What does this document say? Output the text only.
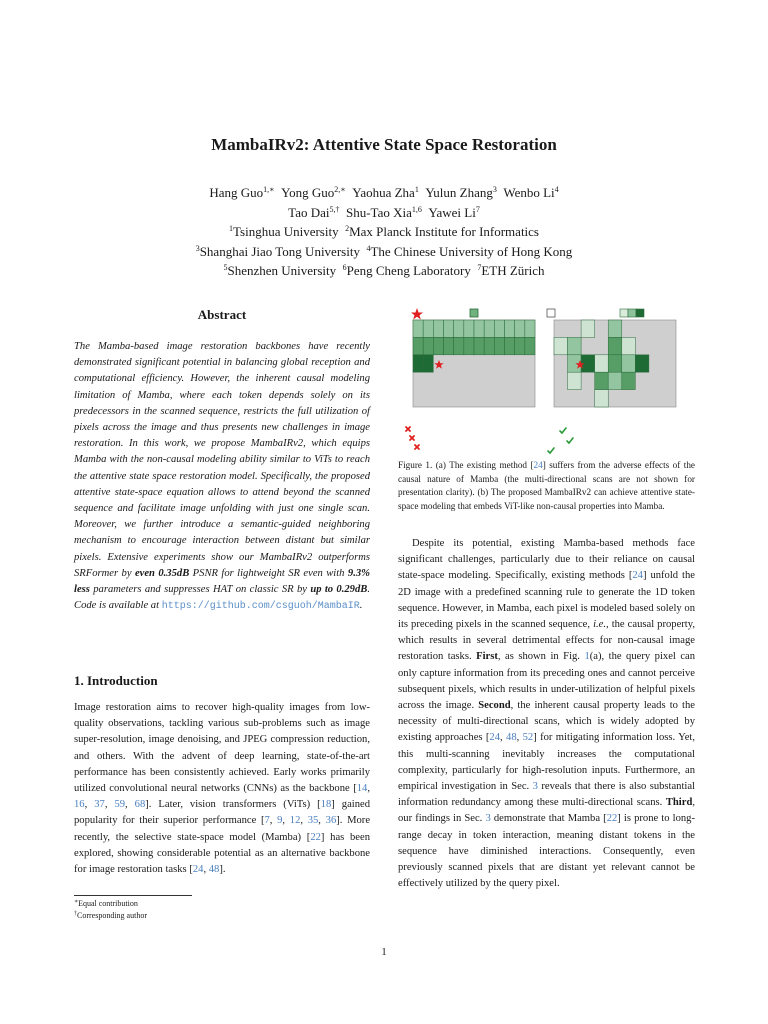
MambaIRv2: Attentive State Space Restoration
Hang Guo$^{1,∗}$ Yong Guo$^{2,∗}$ Yaohua Zha$^1$ Yulun Zhang$^3$ Wenbo Li$^4$
Tao Dai$^{5,\dagger}$ Shu-Tao Xia$^{1,6}$ Yawei Li$^7$
$^1$Tsinghua University $^2$Max Planck Institute for Informatics
$^3$Shanghai Jiao Tong University $^4$The Chinese University of Hong Kong
$^5$Shenzhen University $^6$Peng Cheng Laboratory $^7$ETH Zürich
Abstract
The Mamba-based image restoration backbones have recently demonstrated significant potential in balancing global reception and computational efficiency. However, the inherent causal modeling limitation of Mamba, where each token depends solely on its predecessors in the scanned sequence, restricts the full utilization of pixels across the image and thus presents new challenges in image restoration. In this work, we propose MambaIRv2, which equips Mamba with the non-causal modeling ability similar to ViTs to reach the attentive state space restoration model. Specifically, the proposed attentive state-space equation allows to attend beyond the scanned sequence and facilitate image unfolding with just one single scan. Moreover, we further introduce a semantic-guided neighboring mechanism to encourage interaction between distant but similar pixels. Extensive experiments show our MambaIRv2 outperforms SRFormer by even 0.35dB PSNR for lightweight SR even with 9.3% less parameters and suppresses HAT on classic SR by up to 0.29dB. Code is available at https://github.com/csguoh/MambaIR.
1. Introduction
Image restoration aims to recover high-quality images from low-quality observations, tackling various sub-problems such as image super-resolution, image denoising, and JPEG compression reduction, and others. With the advent of deep learning, state-of-the-art performance has been consistently achieved. Early works primarily utilized convolutional neural networks (CNNs) as the backbone [14, 16, 37, 59, 68]. Later, vision transformers (ViTs) [18] gained popularity for their superior performance [7, 9, 12, 35, 36]. More recently, the selective state-space model (Mamba) [22] has been explored, showing considerable potential as an alternative backbone for image restoration tasks [24, 48].
∗Equal contribution
†Corresponding author
Figure 1. (a) The existing method [24] suffers from the adverse effects of the causal nature of Mamba (the multi-directional scans are not shown for presentation clarity). (b) The proposed MambaIRv2 can achieve attentive state-space modeling that embeds ViT-like non-causal properties into Mamba.

Despite its potential, existing Mamba-based methods face significant challenges, particularly due to their reliance on causal state-space modeling. Specifically, existing methods [24] unfold the 2D image with a predefined scanning rule to generate the 1D token sequence. However, in Mamba, each pixel is modeled based solely on its preceding pixels in the scanned sequence, i.e., the causal property, which results in several detrimental effects for non-causal image restoration tasks. First, as shown in Fig. 1(a), the query pixel can only capture information from its preceding ones and cannot perceive subsequent pixels, which results in under-utilization of helpful pixels across the image. Second, the inherent causal property leads to the necessity of multi-directional scans, which is widely adopted by existing approaches [24, 48, 52] for mitigating information loss. Yet, this multi-scanning inevitably increases the computational complexity, particularly for high-resolution inputs. Furthermore, an empirical investigation in Sec. 3 reveals that there is also substantial information redundancy among these multi-directional scans. Third, our findings in Sec. 3 demonstrate that Mamba [22] is prone to long-range decay in token interaction, meaning distant tokens in the sequence have diminished interactions. Consequently, even previously scanned pixels that are distant yet relevant cannot be effectively utilized by the query pixel.

1
